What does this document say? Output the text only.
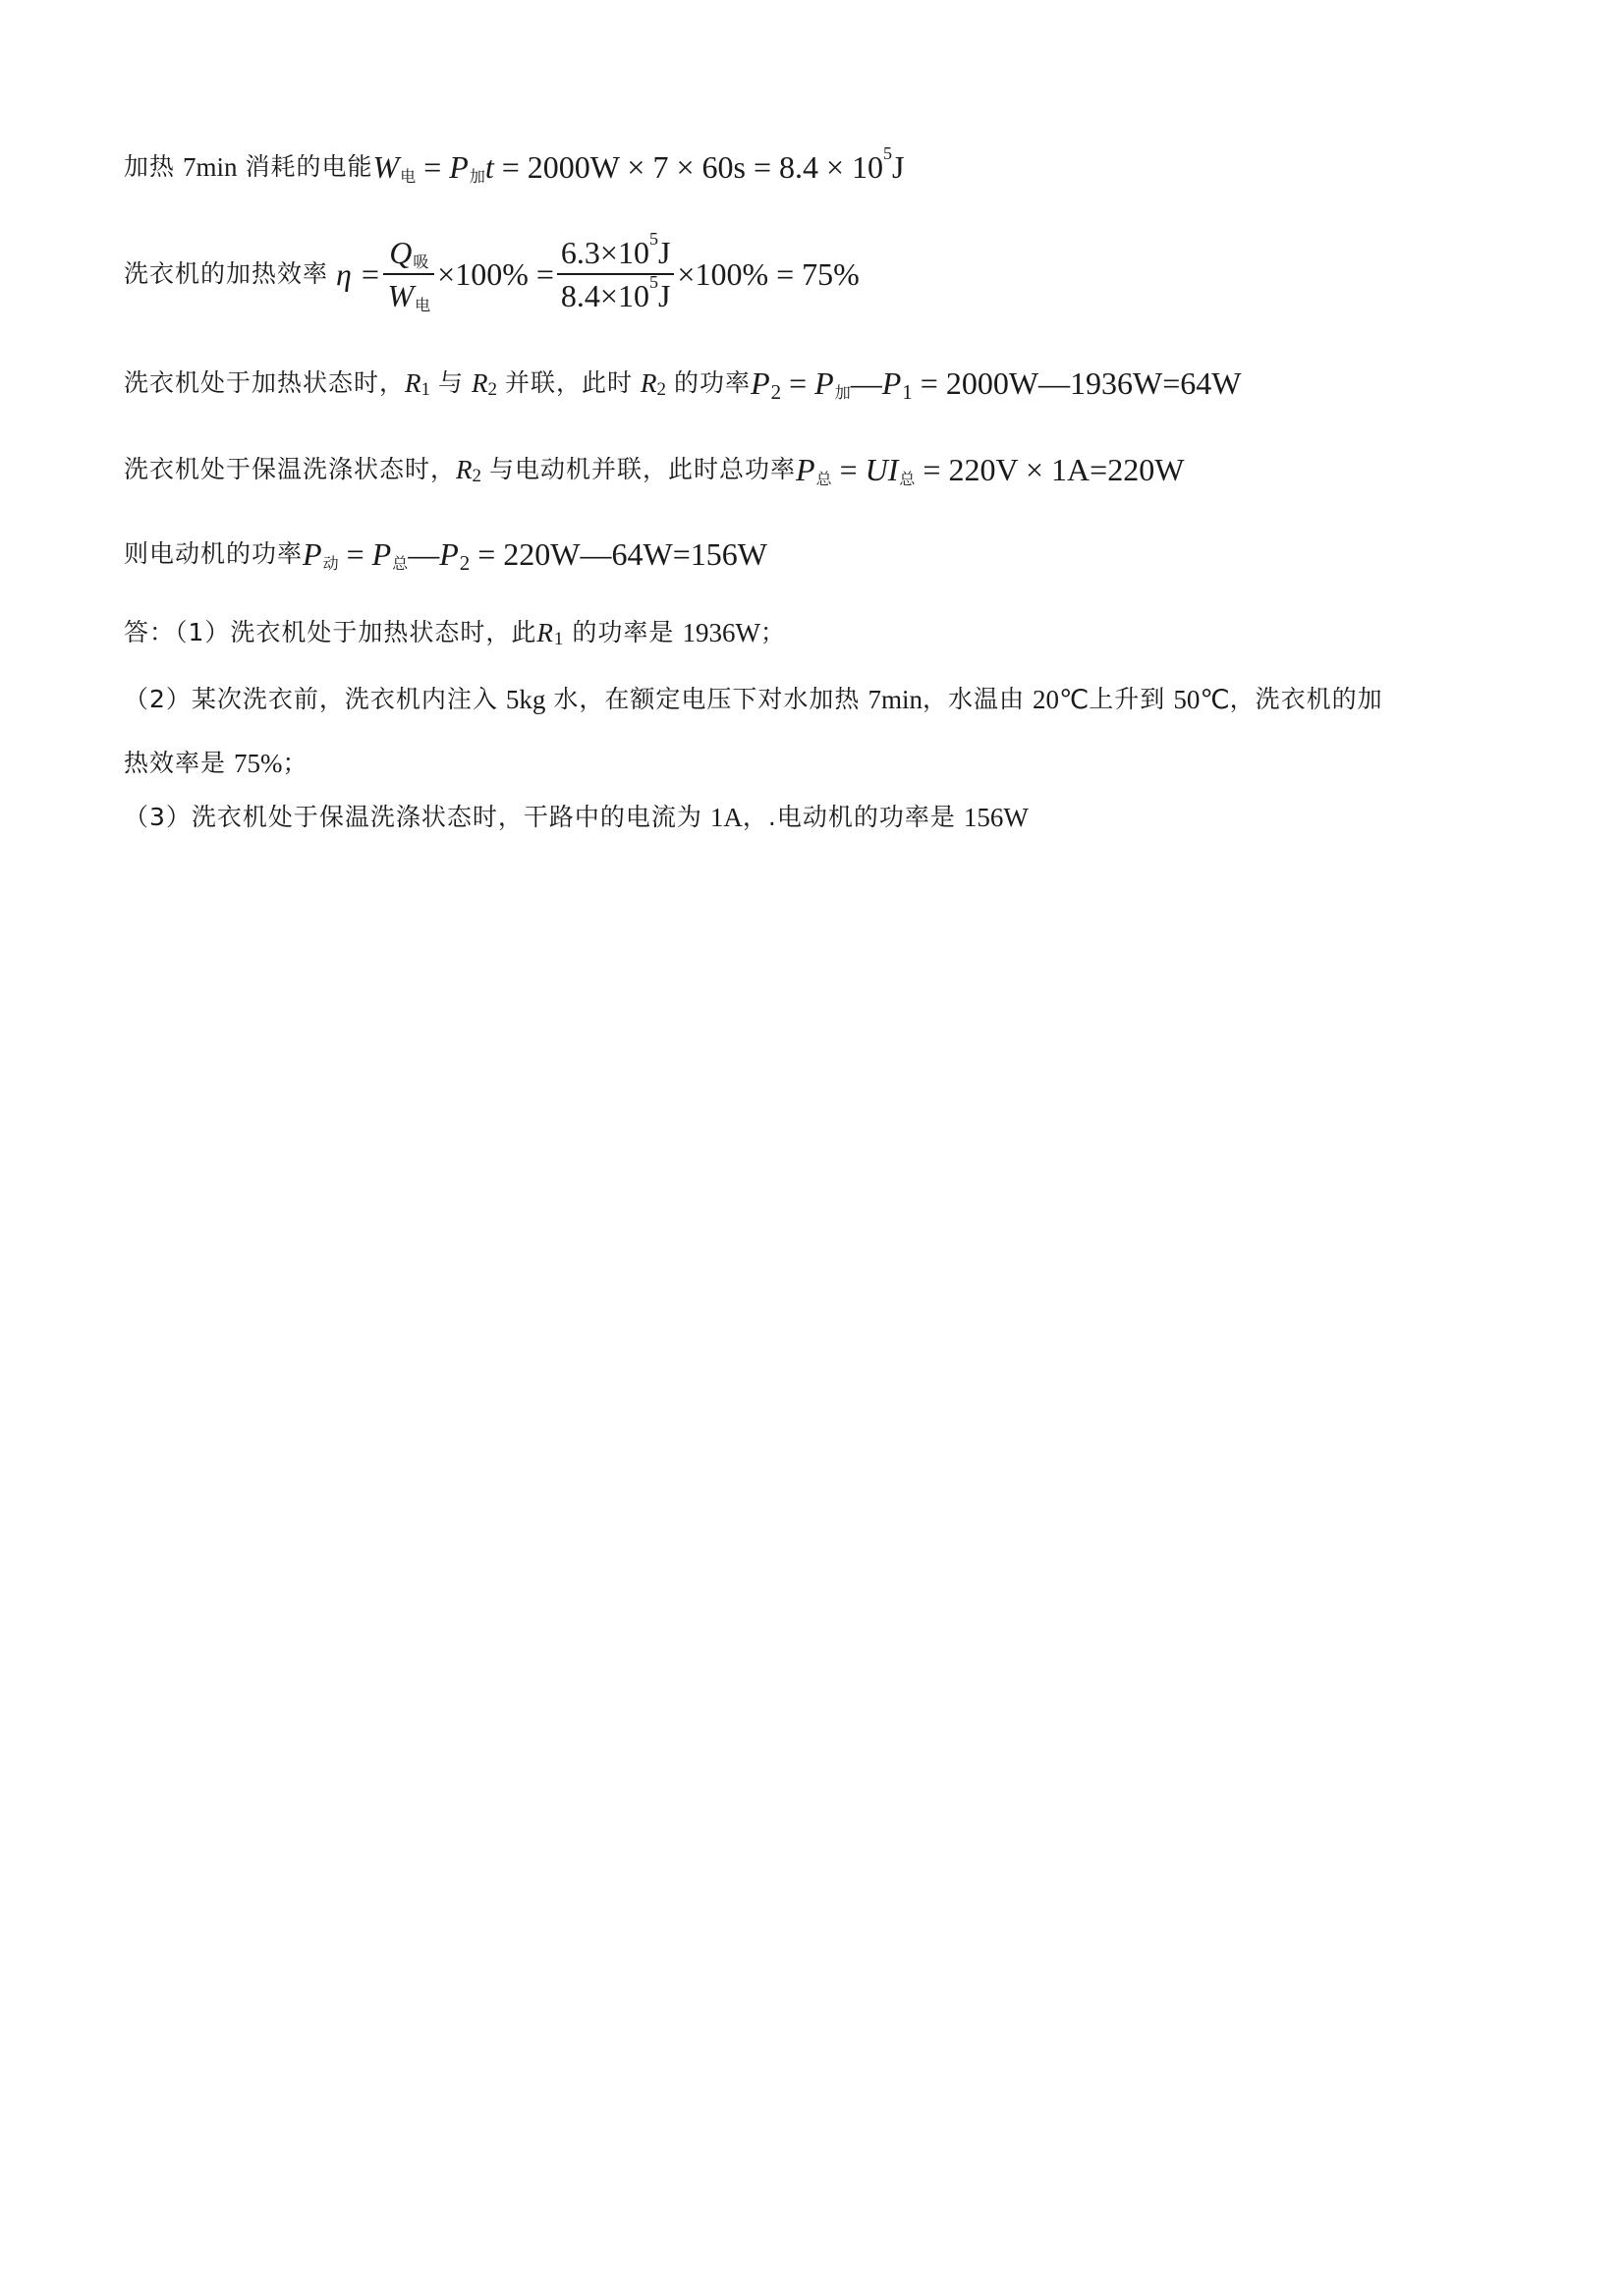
加热 7min 消耗的电能 W 电 = P 加 t = 2000W × 7 × 60s = 8.4 × 10 5 J
洗衣机的加热效率 $\eta = \frac{\text{Q 吸}}{\text{W 电}} \times 100\% = \frac{6.3\times 10 5 J}{8.4\times 10 5 J} \times 100\% = 75\%$
洗衣机处于加热状态时， R 1 与 R 2 并联，此时 R 2 的功率 P 2 = P 加 — P 1 = 2000W—1936W=64W
洗衣机处于保温洗涤状态时， R 2 与电动机并联，此时总功率 P 总 = UI 总 = 220V × 1A=220W
则电动机的功率 P 动 = P 总 — P 2 = 220W—64W=156W
答：（1）洗衣机处于加热状态时，此 R 1 的功率是 1936W ；
（2）某次洗衣前，洗衣机内注入 5kg 水，在额定电压下对水加热 7min ，水温由 20℃ 上升到 50℃ ，洗衣机的加
热效率是 75% ；
（3）洗衣机处于保温洗涤状态时，干路中的电流为 1A ，.电动机的功率是 156W
